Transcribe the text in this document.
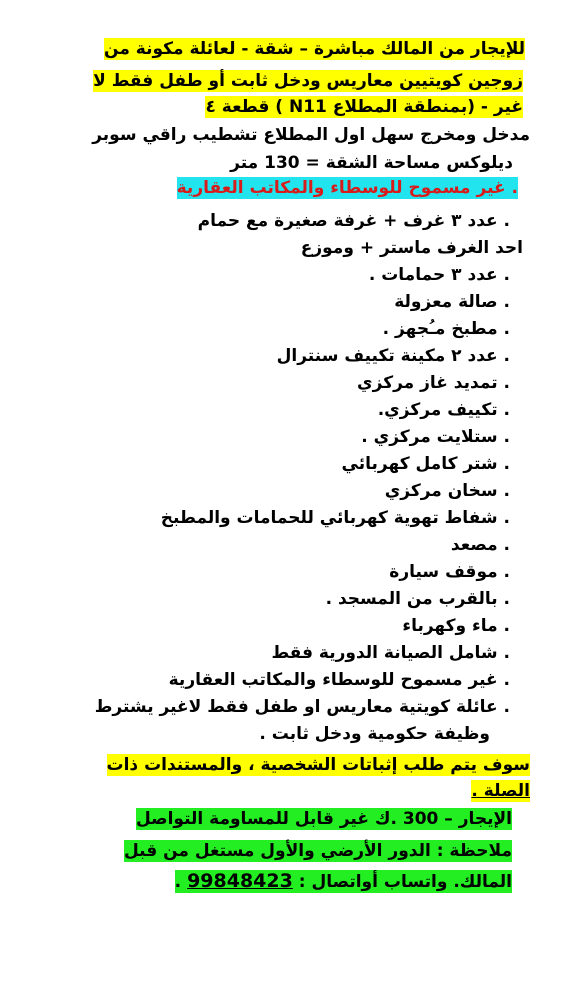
للإيجار من المالك مباشرة – شقة - لعائلة مكونة من
زوجين كويتيين معاريس ودخل ثابت أو طفل فقط لا
غير - (بمنطقة المطلاع N11 ) قطعة ٤
مدخل ومخرج سهل اول المطلاع تشطيب راقي سوبر
ديلوكس مساحة الشقة = 130 متر
. غير مسموح للوسطاء والمكاتب العقارية
. عدد ٣ غرف + غرفة صغيرة مع حمام
احد الغرف ماستر + وموزع
. عدد ٣ حمامات .
. صالة معزولة
. مطبخ مـُجهز .
. عدد ٢ مكينة تكييف سنترال
. تمديد غاز مركزي
. تكييف مركزي.
. ستلايت مركزي .
. شتر كامل كهربائي
. سخان مركزي
. شفاط تهوية كهربائي للحمامات والمطبخ
. مصعد
. موقف سيارة
. بالقرب من المسجد .
. ماء وكهرباء
. شامل الصيانة الدورية فقط
. غير مسموح للوسطاء والمكاتب العقارية
. عائلة كويتية معاريس او طفل فقط لاغير يشترط
وظيفة حكومية ودخل ثابت .
سوف يتم طلب إثباتات الشخصية ، والمستندات ذات
الصلة .
الإيجار – 300 .ك غير قابل للمساومة التواصل
ملاحظة : الدور الأرضي والأول مستغل من قبل
المالك. واتساب أواتصال : 99848423 .
